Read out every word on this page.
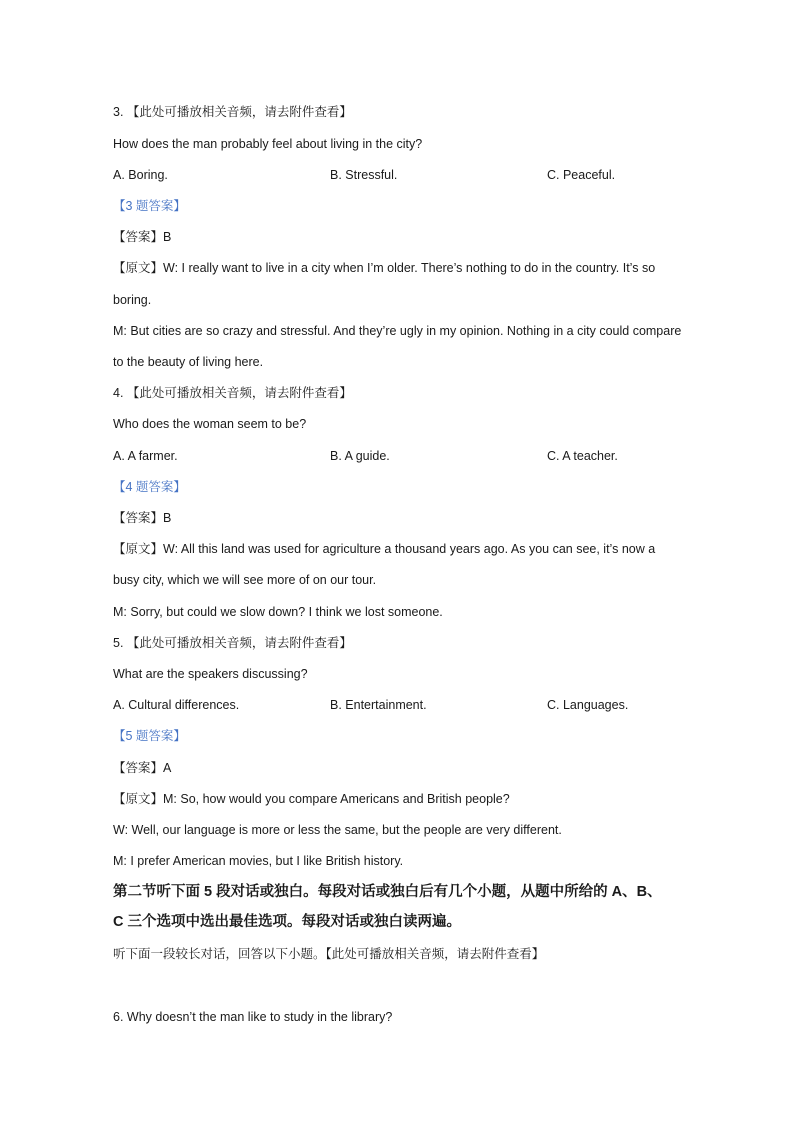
3. 【此处可播放相关音频，请去附件查看】
How does the man probably feel about living in the city?
A. Boring.	B. Stressful.	C. Peaceful.
【3 题答案】
【答案】B
【原文】W: I really want to live in a city when I’m older. There’s nothing to do in the country. It’s so
boring.
M: But cities are so crazy and stressful. And they’re ugly in my opinion. Nothing in a city could compare
to the beauty of living here.
4. 【此处可播放相关音频，请去附件查看】
Who does the woman seem to be?
A. A farmer.	B. A guide.	C. A teacher.
【4 题答案】
【答案】B
【原文】W: All this land was used for agriculture a thousand years ago. As you can see, it’s now a
busy city, which we will see more of on our tour.
M: Sorry, but could we slow down? I think we lost someone.
5. 【此处可播放相关音频，请去附件查看】
What are the speakers discussing?
A. Cultural differences.	B. Entertainment.	C. Languages.
【5 题答案】
【答案】A
【原文】M: So, how would you compare Americans and British people?
W: Well, our language is more or less the same, but the people are very different.
M: I prefer American movies, but I like British history.
第二节听下面 5 段对话或独白。每段对话或独白后有几个小题，从题中所给的 A、B、
C 三个选项中选出最佳选项。每段对话或独白读两遍。
听下面一段较长对话，回答以下小题。【此处可播放相关音频，请去附件查看】
6. Why doesn’t the man like to study in the library?
